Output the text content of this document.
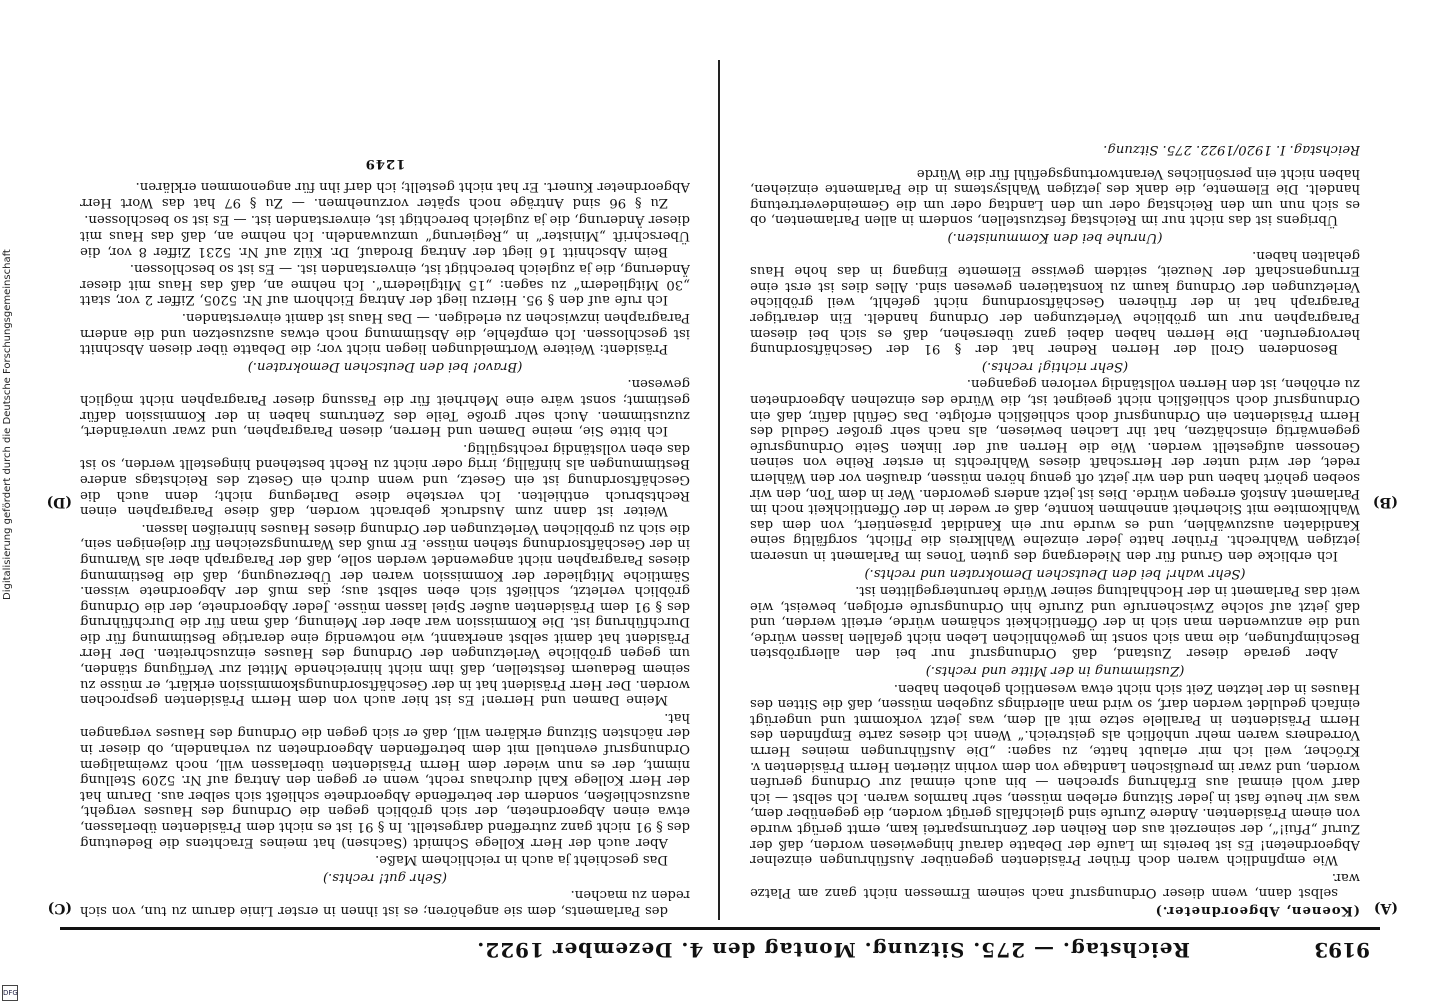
9193
Reichstag. — 275. Sitzung. Montag den 4. Dezember 1922.

(Koenen, Abgeordneter.)

selbst dann, wenn dieser Ordnungsruf nach seinem Ermessen nicht ganz am Platze war.

Wie empfindlich waren doch früher Präsidenten gegenüber Ausführungen einzelner Abgeordneten! Es ist bereits im Laufe der Debatte darauf hingewiesen worden, daß der Zuruf „Pfui!“, der seinerzeit aus den Reihen der Zentrumspartei kam, erntt gerügt wurde von einem Präsidenten. Andere Zurufe sind gleichfalls gerügt worden, die gegenüber dem, was wir heute fast in jeder Sitzung erleben müssen, sehr harmlos waren. Ich selbst — ich darf wohl einmal aus Erfahrung sprechen — bin auch einmal zur Ordnung gerufen worden, und zwar im preußischen Landtage von dem vorhin zitierten Herrn Präsidenten v. Kröcher, weil ich mir erlaubt hatte, zu sagen: „Die Ausführungen meines Herrn Vorredners waren mehr unhöflich als geistreich.“ Wenn ich dieses zarte Empfinden des Herrn Präsidenten in Parallele setze mit all dem, was jetzt vorkommt und ungerügt einfach geduldet werden darf, so wird man allerdings zugeben müssen, daß die Sitten des Hauses in der letzten Zeit sich nicht etwa wesentlich gehoben haben.

(Zustimmung in der Mitte und rechts.)

Aber gerade dieser Zustand, daß Ordnungsruf nur bei den allergröbsten Beschimpfungen, die man sich sonst im gewöhnlichen Leben nicht gefallen lassen würde, und die anzuwenden man sich in der Öffentlichkeit schämen würde, erteilt werden, und daß jetzt auf solche Zwischenrufe und Zurufe hin Ordnungsrufe erfolgen, beweist, wie weit das Parlament in der Hochhaltung seiner Würde heruntergeglitten ist.

(Sehr wahr! bei den Deutschen Demokraten und rechts.)

Ich erblicke den Grund für den Niedergang des guten Tones im Parlament in unserem jetzigen Wahlrecht. Früher hatte jeder einzelne Wahlkreis die Pflicht, sorgfältig seine Kandidaten auszuwählen, und es wurde nur ein Kandidat präsentiert, von dem das Wahlkomitee mit Sicherheit annehmen konnte, daß er weder in der Öffentlichkeit noch im Parlament Anstoß erregen würde. Dies ist jetzt anders geworden. Wer in dem Ton, den wir soeben gehört haben und den wir jetzt oft genug hören müssen, draußen vor den Wählern redet, der wird unter der Herrschaft dieses Wahlrechts in erster Reihe von seinen Genossen aufgestellt werden. Wie die Herren auf der linken Seite Ordnungsrufe gegenwärtig einschätzen, hat ihr Lachen bewiesen, als nach sehr großer Geduld des Herrn Präsidenten ein Ordnungsruf doch schließlich erfolgte. Das Gefühl dafür, daß ein Ordnungsruf doch schließlich nicht geeignet ist, die Würde des einzelnen Abgeordneten zu erhöhen, ist den Herren vollständig verloren gegangen.

(Sehr richtig! rechts.)

Besonderen Groll der Herren Redner hat der § 91 der Geschäftsordnung hervorgerufen. Die Herren haben dabei ganz übersehen, daß es sich bei diesem Paragraphen nur um gröbliche Verletzungen der Ordnung handelt. Ein derartiger Paragraph hat in der früheren Geschäftsordnung nicht gefehlt, weil gröbliche Verletzungen der Ordnung kaum zu konstatieren gewesen sind. Alles dies ist erst eine Errungenschaft der Neuzeit, seitdem gewisse Elemente Eingang in das hohe Haus gehalten haben.

(Unruhe bei den Kommunisten.)

Übrigens ist das nicht nur im Reichstag festzustellen, sondern in allen Parlamenten, ob es sich nun um den Reichstag oder um den Landtag oder um die Gemeindevertretung handelt. Die Elemente, die dank des jetzigen Wahlsystems in die Parlamente einziehen, haben nicht ein persönliches Verantwortungsgefühl für die Würde

Reichstag. I. 1920/1922. 275. Sitzung.

des Parlaments, dem sie angehören; es ist ihnen in erster Linie darum zu tun, von sich reden zu machen.

(Sehr gut! rechts.)

Das geschieht ja auch in reichlichem Maße.

Aber auch der Herr Kollege Schmidt (Sachsen) hat meines Erachtens die Bedeutung des § 91 nicht ganz zutreffend dargestellt. In § 91 ist es nicht dem Präsidenten überlassen, etwa einen Abgeordneten, der sich gröblich gegen die Ordnung des Hauses vergeht, auszuschließen, sondern der betreffende Abgeordnete schließt sich selber aus. Darum hat der Herr Kollege Kahl durchaus recht, wenn er gegen den Antrag auf Nr. 5209 Stellung nimmt, der es nun wieder dem Herrn Präsidenten überlassen will, noch zweimaligem Ordnungsruf eventuell mit dem betreffenden Abgeordneten zu verhandeln, ob dieser in der nächsten Sitzung erklären will, daß er sich gegen die Ordnung des Hauses vergangen hat.

Meine Damen und Herren! Es ist hier auch von dem Herrn Präsidenten gesprochen worden. Der Herr Präsident hat in der Geschäftsordnungskommission erklärt, er müsse zu seinem Bedauern feststellen, daß ihm nicht hinreichende Mittel zur Verfügung ständen, um gegen gröbliche Verletzungen der Ordnung des Hauses einzuschreiten. Der Herr Präsident hat damit selbst anerkannt, wie notwendig eine derartige Bestimmung für die Durchführung ist. Die Kommission war aber der Meinung, daß man für die Durchführung des § 91 dem Präsidenten außer Spiel lassen müsse. Jeder Abgeordnete, der die Ordnung gröblich verletzt, schließt sich eben selbst aus; das muß der Abgeordnete wissen. Sämtliche Mitglieder der Kommission waren der Überzeugung, daß die Bestimmung dieses Paragraphen nicht angewendet werden solle, daß der Paragraph aber als Warnung in der Geschäftsordnung stehen müsse. Er muß das Warnungszeichen für diejenigen sein, die sich zu gröblichen Verletzungen der Ordnung dieses Hauses hinreißen lassen.

Weiter ist dann zum Ausdruck gebracht worden, daß diese Paragraphen einen Rechtsbruch enthielten. Ich verstehe diese Darlegung nicht; denn auch die Geschäftsordnung ist ein Gesetz, und wenn durch ein Gesetz des Reichstags andere Bestimmungen als hinfällig, irrig oder nicht zu Recht bestehend hingestellt werden, so ist das eben vollständig rechtsgültig.

Ich bitte Sie, meine Damen und Herren, diesen Paragraphen, und zwar unverändert, zuzustimmen. Auch sehr große Teile des Zentrums haben in der Kommission dafür gestimmt; sonst wäre eine Mehrheit für die Fassung dieser Paragraphen nicht möglich gewesen.

(Bravo! bei den Deutschen Demokraten.)

Präsident: Weitere Wortmeldungen liegen nicht vor; die Debatte über diesen Abschnitt ist geschlossen. Ich empfehle, die Abstimmung noch etwas auszusetzen und die andern Paragraphen inzwischen zu erledigen. — Das Haus ist damit einverstanden.

Ich rufe auf den § 95. Hierzu liegt der Antrag Eichhorn auf Nr. 5205, Ziffer 2 vor, statt „30 Mitgliedern“ zu sagen: „15 Mitgliedern“. Ich nehme an, daß das Haus mit dieser Änderung, die ja zugleich berechtigt ist, einverstanden ist. — Es ist so beschlossen.

Beim Abschnitt 16 liegt der Antrag Brodauf, Dr. Külz auf Nr. 5231 Ziffer 8 vor, die Überschrift „Minister“ in „Regierung“ umzuwandeln. Ich nehme an, daß das Haus mit dieser Änderung, die ja zugleich berechtigt ist, einverstanden ist. — Es ist so beschlossen.

Zu § 96 sind Anträge noch später vorzunehmen. — Zu § 97 hat das Wort Herr Abgeordneter Kunert. Er hat nicht gestellt; ich darf ihn für angenommen erklären.

1249

(A)
(B)
(C)
(D)
Digitalisierung gefördert durch die Deutsche Forschungsgemeinschaft
DFG
